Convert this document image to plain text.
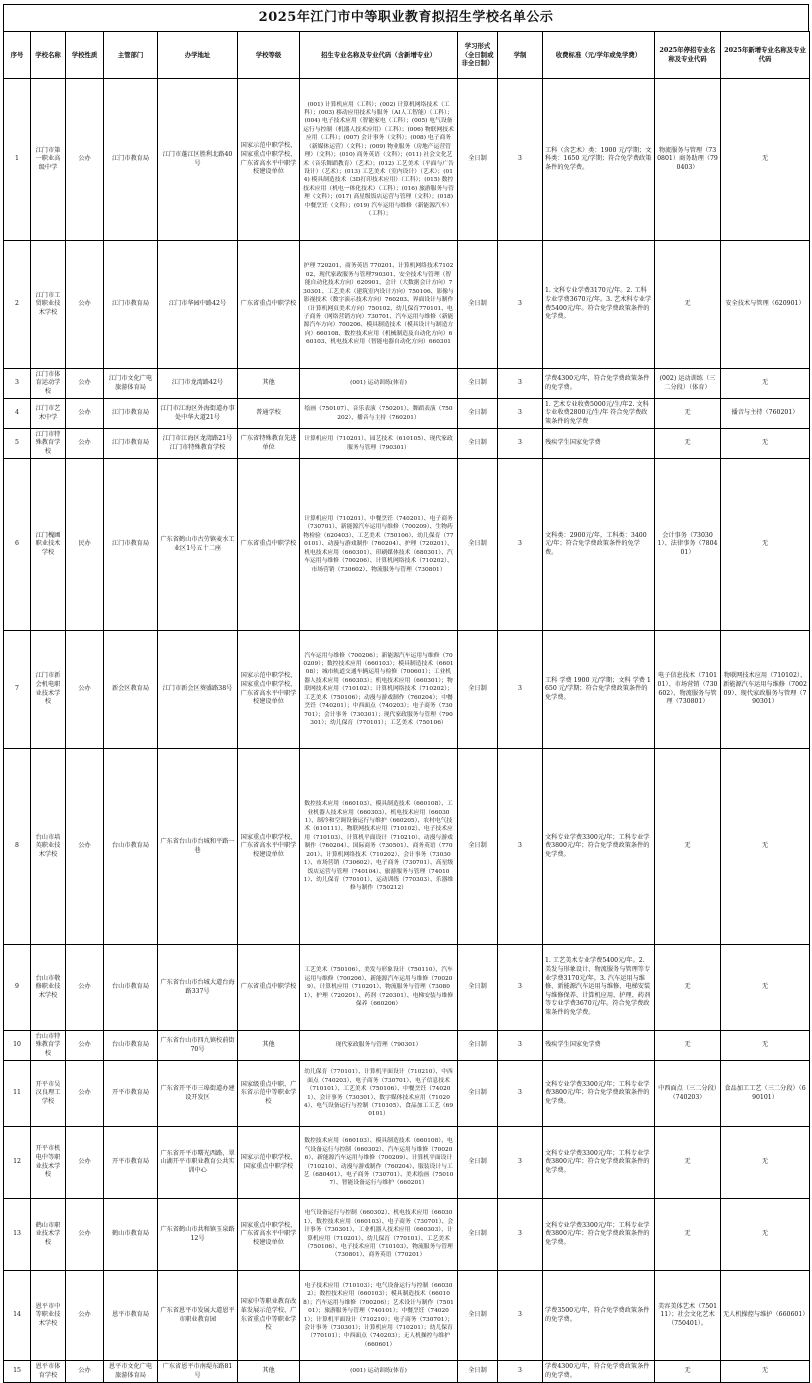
2025年江门市中等职业教育拟招生学校名单公示
序号	学校名称	学校性质	主管部门	办学地址	学校等级	招生专业名称及专业代码（含新增专业）	学习形式（全日制或非全日制）	学制	收费标准（元/学年或免学费）	2025年停招专业名称及专业代码	2025年新增专业名称及专业代码
1	江门市第一职业高级中学	公办	江门市教育局	江门市蓬江区胜利北路40号	国家示范中职学校、国家重点中职学校、广东省高水平中职学校建设单位	(001) 计算机应用（工科）；(002) 计算机网络技术（工科）；(003) 移动应用技术与服务（AI人工智能）（工科）；(004) 电子技术应用（智能家电（工科）；(005) 电气设备运行与控制（机器人技术应用）（工科）；(006) 物联网技术应用（工科）；(007) 会计事务（文科）；(008) 电子商务（新媒体运营）（文科）；(009) 物业服务（房地产运营管理）（文科）；(010) 商务英语（文科）；(011) 社会文化艺术（音乐舞蹈教育）（艺术）；(012) 工艺美术（平面与广告设计）（艺术）；(013) 工艺美术（室内设计）（艺术）；(014) 模具制造技术（3D打印技术应用）（工科）；(015) 数控技术应用（机电一体化技术）（工科）；(016) 旅游服务与管理（文科）；(017) 高星级饭店运营与管理（文科）；(018) 中餐烹饪（文科）；(019) 汽车运用与维修（新能源汽车）（工科）；	全日制	3	工科（含艺术）类：1900 元/学期；文科类：1650 元/学期；符合免学费政策条件的免学费。	物流服务与管理（730801）商务助理（790403）	无
2	江门市工贸职业技术学校	公办	江门市教育局	江门市华园中路42号	广东省重点中职学校	护理 720201、商务英语 770201、计算机网络技术710202、现代家政服务与管理790301、安全技术与管理（智能自动化技术方向）620901、会计（大数据会计方向）730301、工艺美术（建筑室内设计方向）750106、影像与影视技术（数字演示技术方向）760203、界面设计与制作（计算机网页美术方向）750102、幼儿保育770101、电子商务（网络营销方向）730701、汽车运用与维修（新能源汽车方向）700206、模具制造技术（模具设计与制造方向）660108、数控技术应用（机械制造及自动化方向）660103、机电技术应用（智能电器自动化方向）660301	全日制	3	1. 文科专业学费3170元/年。2. 工科专业学费3670元/年。3. 艺术科专业学费5400元/年。符合免学费政策条件的免学费。	无	安全技术与管理（620901）
3	江门市体育运动学校	公办	江门市文化广电旅游体育局	江门市龙湾路42号	其他	(001) 运动训练(体育)	全日制	3	学费4300元/年，符合免学费政策条件的免学费。	(002) 运动训练（三二分段）（体育）	无
4	江门市艺术中学	公办	江门市教育局	江门市江海区外海街道办事处中华大道21号	普通学校	绘画（750107）、音乐表演（750201）、舞蹈表演（750202）、播音与主持（760201）	全日制	3	1. 艺术专业收费5000元/生/年2. 文科专业收费2800元/生/年 符合免学费政策条件的免学费	无	播音与主持（760201）
5	江门市特殊教育学校	公办	江门市教育局	江门市江海区龙湾路21号江门市特殊教育学校	广东省特殊教育先进单位	计算机应用（710201）、园艺技术（610105）、现代家政服务与管理（790301）	全日制	3	残疾学生国家免学费	无	无
6	江门槐圃职业技术学校	民办	江门市教育局	广东省鹤山市古劳镇麦水工业区1号五十二座	广东省重点中职学校	计算机应用（710201）、中餐烹饪（740201）、电子商务（730701）、新能源汽车运用与维修（700209）、生物药物检验（620403）、工艺美术（750106）、幼儿保育（770101）、动漫与游戏制作（760204）、护理（720201）、机电技术应用（660301）、印刷媒体技术（680301）、汽车运用与维修（700206）、计算机网络技术（710202）、市场营销（730602）、物流服务与管理（730801）	全日制	3	文科类：2900元/年，工科类：3400元/年；符合免学费政策条件的免学费。	会计事务（730301）、法律事务（780401）	无
7	江门市新会机电职业技术学校	公办	新会区教育局	江门市新会区葵盛路38号	国家示范中职学校、国家重点中职学校、广东省高水平中职学校建设单位	汽车运用与维修（700206）；新能源汽车运用与维修（700209）；数控技术应用（660103）；模具制造技术（660108）；城市轨道交通车辆运用与检修（700601）；工业机器人技术应用（660303）；机电技术应用（660301）；物联网技术应用（710102）；计算机网络技术（710202）；工艺美术（750106）；动漫与游戏制作（760204）；中餐烹饪（740201）；中西面点（740203）；电子商务（730701）；会计事务（730301）；现代家政服务与管理（790301）；幼儿保育（770101）；工艺美术（750106）	全日制	3	工科 学费 1900 元/学期；文科 学费 1650 元/学期；符合免学费政策条件的免学费。	电子信息技术（710101）、市场营销（730602）、物流服务与管理（730801）	物联网技术应用（710102）、新能源汽车运用与维修（700209）、现代家政服务与管理（790301）
8	台山市培英职业技术学校	公办	台山市教育局	广东省台山市台城和平路一巷	国家重点中职学校、广东省高水平中职学校建设单位	数控技术应用（660103）、模具制造技术（660108）、工业机器人技术应用（660303）、机电技术应用（660301）、制冷和空调设备运行与维护（660205）、农村电气技术（610111）、物联网技术应用（710102）、电子技术应用（710103）、计算机平面设计（710210）、动漫与游戏制作（760204）、国际商务（730501）、商务英语（770201）、计算机网络技术（710202）、会计事务（730301）、市场营销（730602）、电子商务（730701）、高星级饭店运营与管理（740104）、旅游服务与管理（740101）、幼儿保育（770101）、运动训练（770303）、乐器维修与制作（750212）	全日制	3	文科专业学费3300元/年；工科专业学费3800元/年；符合免学费政策条件的免学费。	无	无
9	台山市敬修职业技术学校	公办	台山市教育局	广东省台山市台城大道台海路337号	广东省重点中职学校	工艺美术（750106）、美发与形象设计（750110）、汽车运用与维修（700206）、新能源汽车运用与维修（700209）、计算机应用（710201）、物流服务与管理（730801）、护理（720201）、药剂（720301）、电梯安装与维修保养（660206）	全日制	3	1. 工艺美术专业学费5400元/年。2. 美发与形象设计、物流服务与管理等专业学费3170元/年。3. 汽车运用与维修、新能源汽车运用与维修、电梯安装与维修保养、计算机应用、护理、药剂等专业学费3670元/年。符合免学费政策条件的免学费。	无	无
10	台山市特殊教育学校	公办	台山市教育局	广东省台山市四九镇校前街70号	其他	现代家政服务与管理（790301）	全日制	3	残疾学生国家免学费	无	无
11	开平市吴汉良理工学校	公办	开平市教育局	广东省开平市三埠街道办建设开发区	国家级重点中职、广东省示范中等职业学校	幼儿保育（770101）、计算机平面设计（710210）、中西面点（740203）、电子商务（730701）、电子信息技术（710101）、工艺美术（750106）、中餐烹饪（740201）、会计事务（730301）、数字媒体技术应用（710204）、电气设备运行与控制（710105）、食品加工工艺（690101）	全日制	3	文科专业学费3300元/年；工科专业学费3800元/年；符合免学费政策条件的免学费。	中西面点（三二分段）（740203）	食品加工工艺（三二分段）（690101）
12	开平市机电中等职业技术学校	公办	开平市教育局	广东省开平市曙光西路、翠山湖开平市职业教育公共实训中心	国家示范中职学校、国家重点中职学校	数控技术应用（660103）、模具制造技术（660108）、电气设备运行与控制（660302）、汽车运用与维修（700206）、新能源汽车运用与维修（700209）、计算机平面设计（710210）、动漫与游戏制作（760204）、服装设计与工艺（680401）、电子商务（730701）、美术绘画（750107）、智能设备运行与维护（660201）	全日制	3	文科专业学费3300元/年；工科专业学费3800元/年；符合免学费政策条件的免学费。	无	无
13	鹤山市职业技术学校	公办	鹤山市教育局	广东省鹤山市共和镇玉泉路12号	国家重点中职学校、广东省高水平中职学校建设单位	电气设备运行与控制（660302）、机电技术应用（660301）、数控技术应用（660103）、电子商务（730701）、会计事务（730301）、工业机器人技术应用（660303）、计算机应用（710201）、幼儿保育（770101）、工艺美术（750106）、电子技术应用（710103）、物流服务与管理（730801）、商务英语（770201）	全日制	3	文科专业学费3300元/年；工科专业学费3800元/年；符合免学费政策条件的免学费。	无	无
14	恩平市中等职业技术学校	公办	恩平市教育局	广东省恩平市发展大道恩平市职业教育园	国家中等职业教育改革发展示范学校、广东省重点中等职业学校	电子技术应用（710103）；电气设备运行与控制（660302）；数控技术应用（660103）；模具制造技术（660108）；汽车运用与维修（700206）；艺术设计与制作（750101）；旅游服务与管理（740101）；中餐烹饪（740201）；计算机平面设计（710210）；电子商务（730701）；会计事务（730301）；计算机应用（710201）；幼儿保育（770101）；中西面点（740203）；无人机操控与维护（660601）	全日制	3	学费3500元/年，符合免学费政策条件的免学费。	美容美体艺术（750111）；社会文化艺术（750401）。	无人机操控与维护（660601）
15	恩平市体育学校	公办	恩平市文化广电旅游体育局	广东省恩平市南堤东路81号	其他	(001) 运动训练(体育)	全日制	3	学费4300元/年，符合免学费政策条件的免学费。	无	无
